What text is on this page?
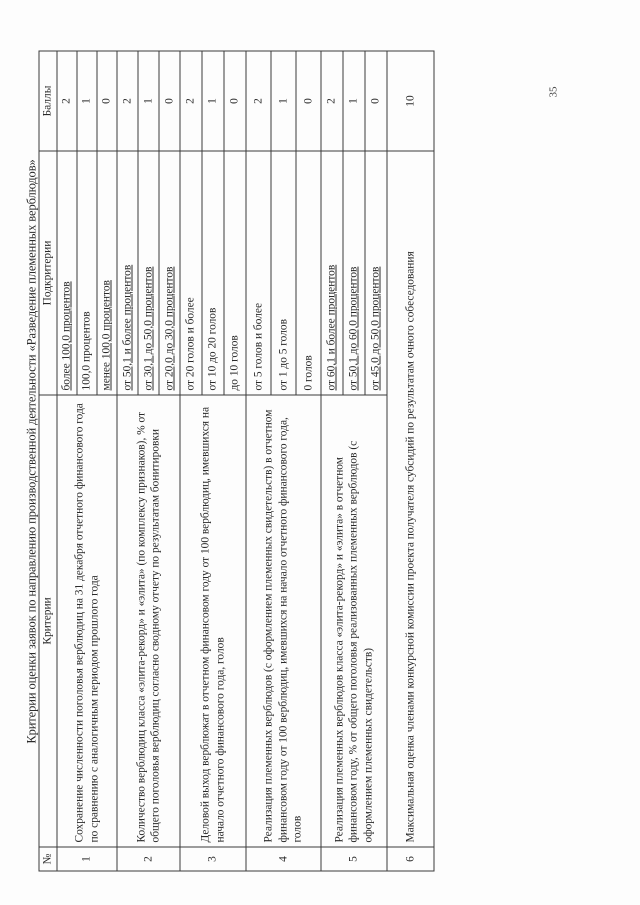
35
Критерии оценки заявок по направлению производственной деятельности «Разведение племенных верблюдов»
№	Критерии	Подкритерии	Баллы
1	Сохранение численности поголовья верблюдиц на 31 декабря отчетного финансового года по сравнению с аналогичным периодом прошлого года	более 100,0 процентов	2
		100,0 процентов	1
		менее 100,0 процентов	0
2	Количество верблюдиц класса «элита-рекорд» и «элита» (по комплексу признаков), % от общего поголовья верблюдиц согласно сводному отчету по результатам бонитировки	от 50,1 и более процентов	2
		от 30,1 до 50,0 процентов	1
		от 20,0 до 30,0 процентов	0
3	Деловой выход верблюжат в отчетном финансовом году от 100 верблюдиц, имевшихся на начало отчетного финансового года, голов	от 20 голов и более	2
		от 10 до 20 голов	1
		до 10 голов	0
4	Реализация племенных верблюдов (с оформлением племенных свидетельств) в отчетном финансовом году от 100 верблюдиц, имевшихся на начало отчетного финансового года, голов	от 5 голов и более	2
		от 1 до 5 голов	1
		0 голов	0
5	Реализация племенных верблюдов класса «элита-рекорд» и «элита» в отчетном финансовом году, % от общего поголовья реализованных племенных верблюдов (с оформлением племенных свидетельств)	от 60,1 и более процентов	2
		от 50,1 до 60,0 процентов	1
		от 45,0 до 50,0 процентов	0
6	Максимальная оценка членами конкурсной комиссии проекта получателя субсидий по результатам очного собеседования		10
